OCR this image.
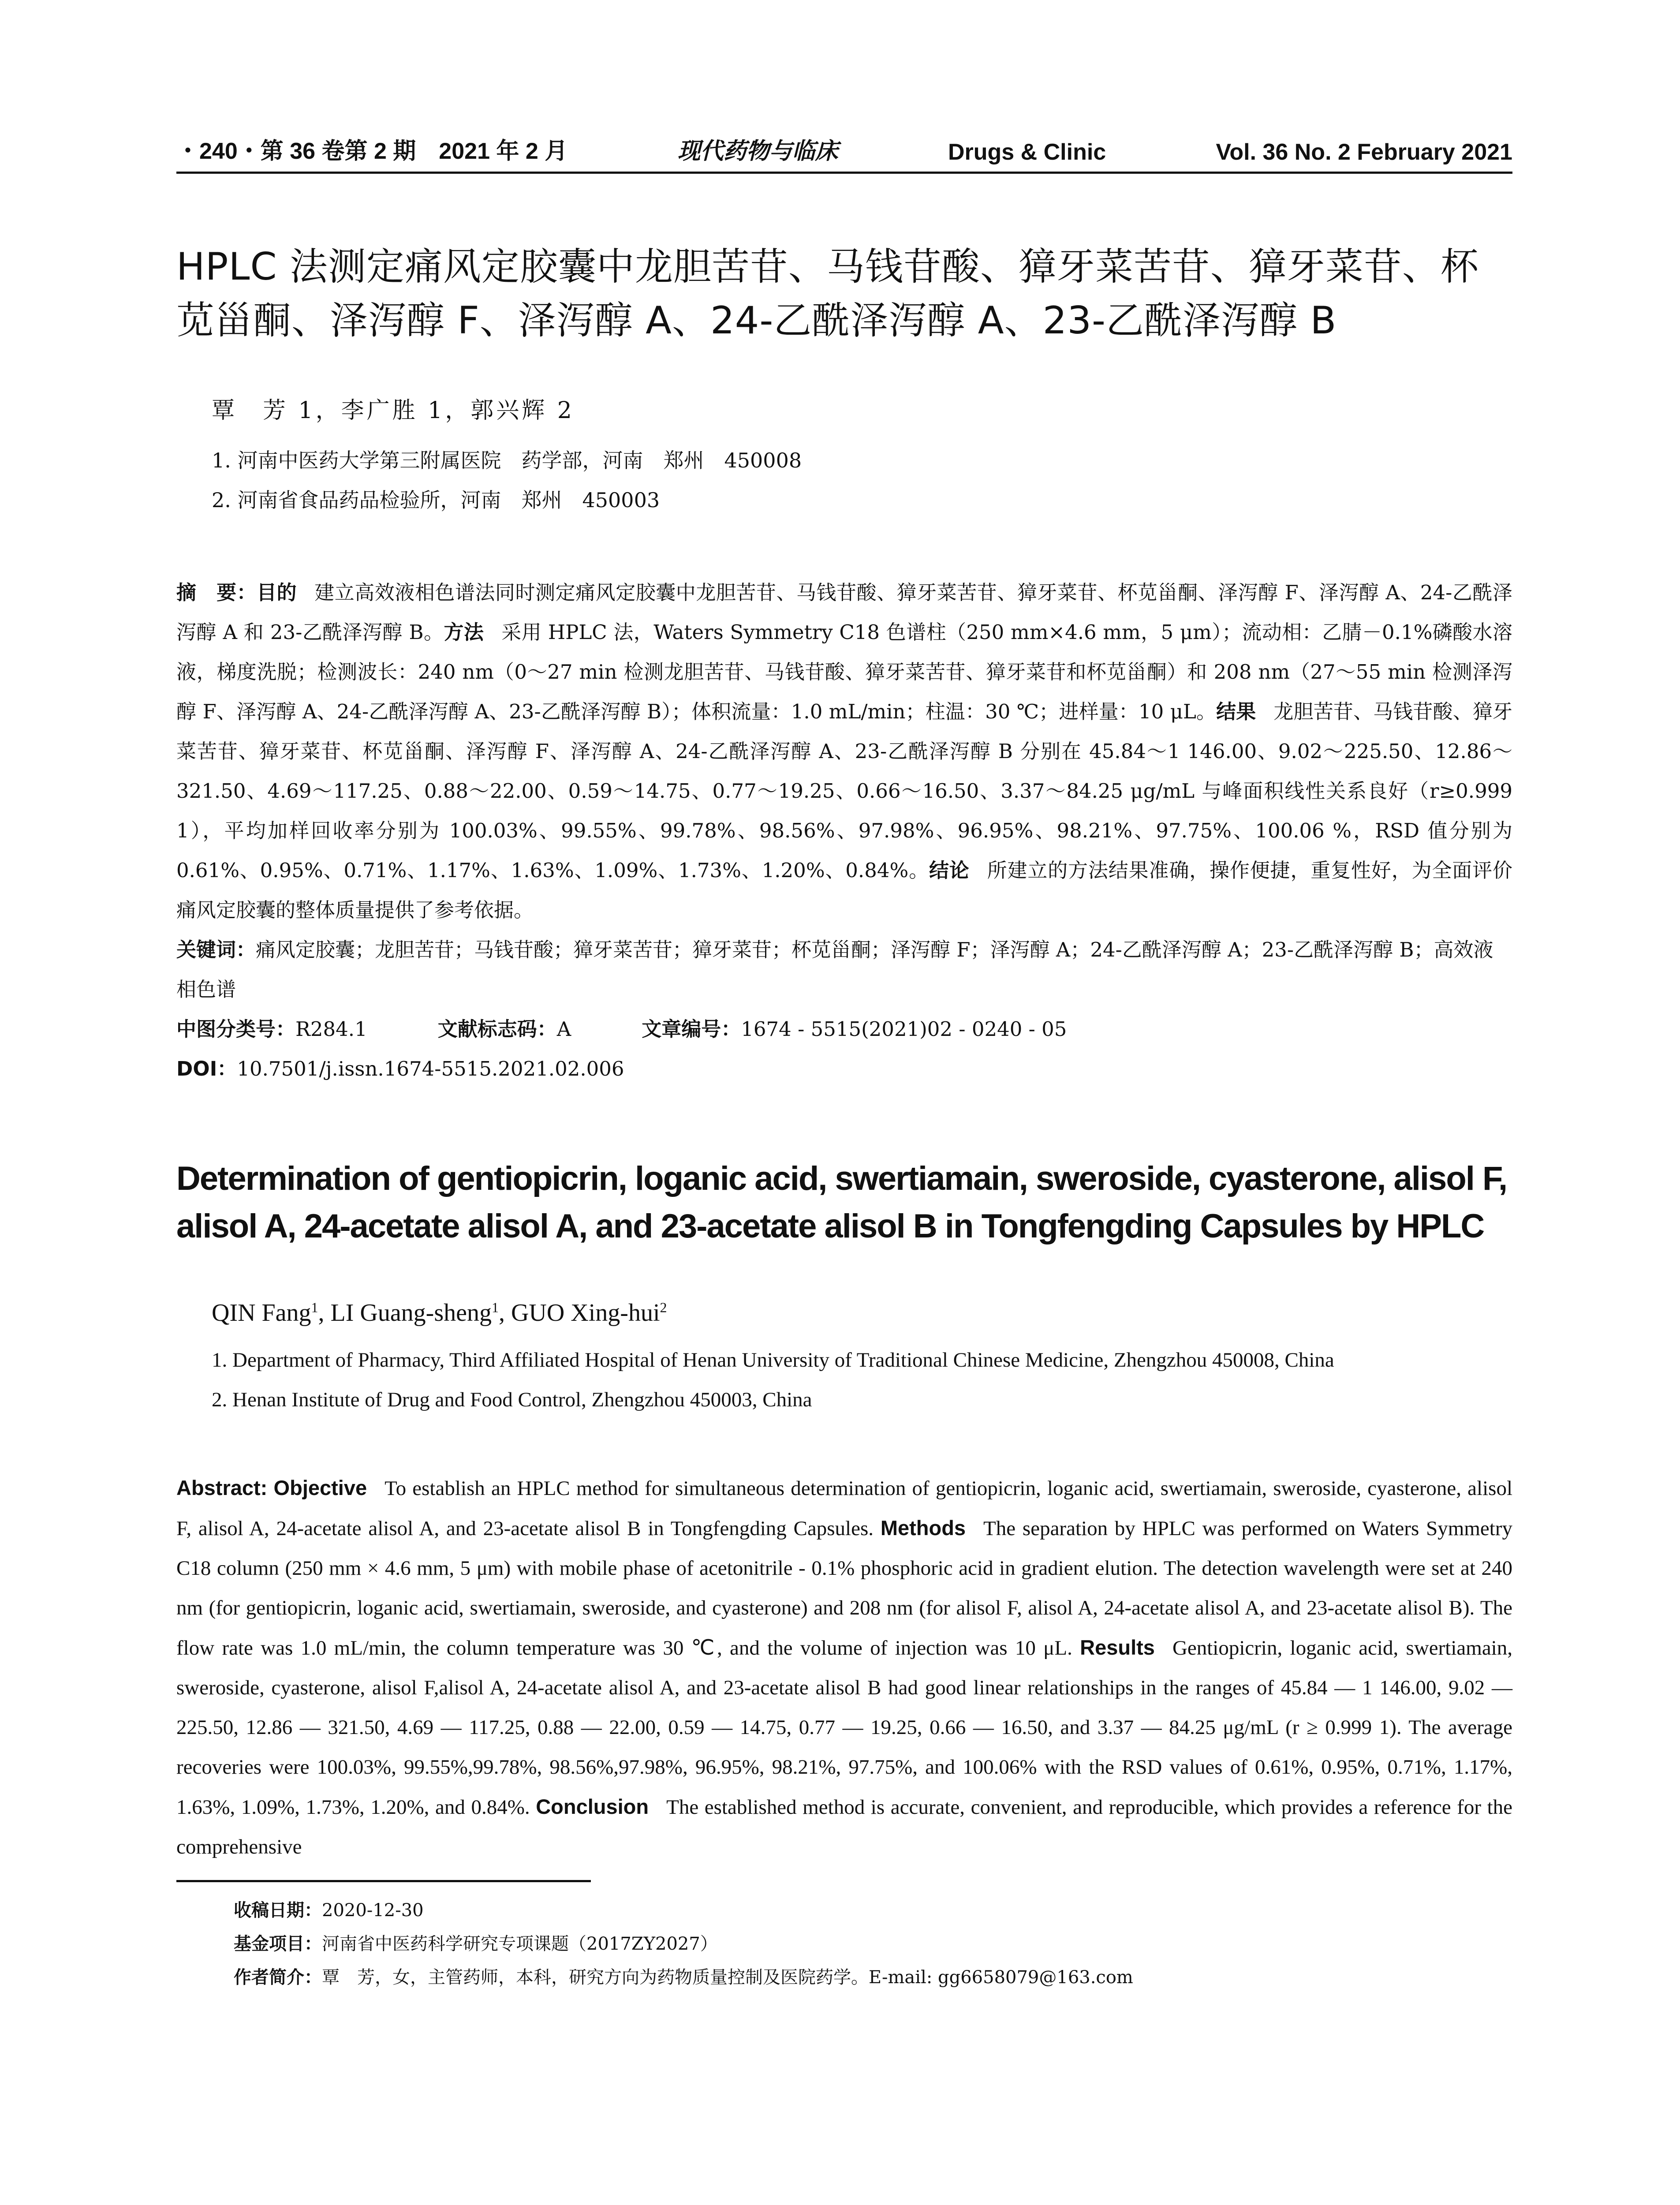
・240・第 36 卷第 2 期　2021 年 2 月	现代药物与临床	Drugs & Clinic	Vol. 36 No. 2 February 2021
HPLC 法测定痛风定胶囊中龙胆苦苷、马钱苷酸、獐牙菜苦苷、獐牙菜苷、杯苋甾酮、泽泻醇 F、泽泻醇 A、24-乙酰泽泻醇 A、23-乙酰泽泻醇 B
覃　芳 1，李广胜 1，郭兴辉 2
1. 河南中医药大学第三附属医院　药学部，河南　郑州　450008
2. 河南省食品药品检验所，河南　郑州　450003
摘　要：目的 建立高效液相色谱法同时测定痛风定胶囊中龙胆苦苷、马钱苷酸、獐牙菜苦苷、獐牙菜苷、杯苋甾酮、泽泻醇 F、泽泻醇 A、24-乙酰泽泻醇 A 和 23-乙酰泽泻醇 B。方法 采用 HPLC 法，Waters Symmetry C18 色谱柱（250 mm×4.6 mm，5 μm）；流动相：乙腈－0.1%磷酸水溶液，梯度洗脱；检测波长：240 nm（0～27 min 检测龙胆苦苷、马钱苷酸、獐牙菜苦苷、獐牙菜苷和杯苋甾酮）和 208 nm（27～55 min 检测泽泻醇 F、泽泻醇 A、24-乙酰泽泻醇 A、23-乙酰泽泻醇 B）；体积流量：1.0 mL/min；柱温：30 ℃；进样量：10 μL。结果 龙胆苦苷、马钱苷酸、獐牙菜苦苷、獐牙菜苷、杯苋甾酮、泽泻醇 F、泽泻醇 A、24-乙酰泽泻醇 A、23-乙酰泽泻醇 B 分别在 45.84～1 146.00、9.02～225.50、12.86～321.50、4.69～117.25、0.88～22.00、0.59～14.75、0.77～19.25、0.66～16.50、3.37～84.25 μg/mL 与峰面积线性关系良好（r≥0.999 1），平均加样回收率分别为 100.03%、99.55%、99.78%、98.56%、97.98%、96.95%、98.21%、97.75%、100.06 %，RSD 值分别为 0.61%、0.95%、0.71%、1.17%、1.63%、1.09%、1.73%、1.20%、0.84%。结论 所建立的方法结果准确，操作便捷，重复性好，为全面评价痛风定胶囊的整体质量提供了参考依据。
关键词：痛风定胶囊；龙胆苦苷；马钱苷酸；獐牙菜苦苷；獐牙菜苷；杯苋甾酮；泽泻醇 F；泽泻醇 A；24-乙酰泽泻醇 A；23-乙酰泽泻醇 B；高效液相色谱
中图分类号：R284.1	文献标志码：A	文章编号：1674 - 5515(2021)02 - 0240 - 05
DOI：10.7501/j.issn.1674-5515.2021.02.006
Determination of gentiopicrin, loganic acid, swertiamain, sweroside, cyasterone, alisol F, alisol A, 24-acetate alisol A, and 23-acetate alisol B in Tongfengding Capsules by HPLC
QIN Fang$^1$, LI Guang-sheng$^1$, GUO Xing-hui$^2$
1. Department of Pharmacy, Third Affiliated Hospital of Henan University of Traditional Chinese Medicine, Zhengzhou 450008, China
2. Henan Institute of Drug and Food Control, Zhengzhou 450003, China
Abstract: Objective To establish an HPLC method for simultaneous determination of gentiopicrin, loganic acid, swertiamain, sweroside, cyasterone, alisol F, alisol A, 24-acetate alisol A, and 23-acetate alisol B in Tongfengding Capsules. Methods The separation by HPLC was performed on Waters Symmetry C18 column (250 mm × 4.6 mm, 5 μm) with mobile phase of acetonitrile - 0.1% phosphoric acid in gradient elution. The detection wavelength were set at 240 nm (for gentiopicrin, loganic acid, swertiamain, sweroside, and cyasterone) and 208 nm (for alisol F, alisol A, 24-acetate alisol A, and 23-acetate alisol B). The flow rate was 1.0 mL/min, the column temperature was 30 ℃, and the volume of injection was 10 μL. Results Gentiopicrin, loganic acid, swertiamain, sweroside, cyasterone, alisol F,alisol A, 24-acetate alisol A, and 23-acetate alisol B had good linear relationships in the ranges of 45.84 — 1 146.00, 9.02 — 225.50, 12.86 — 321.50, 4.69 — 117.25, 0.88 — 22.00, 0.59 — 14.75, 0.77 — 19.25, 0.66 — 16.50, and 3.37 — 84.25 μg/mL (r ≥ 0.999 1). The average recoveries were 100.03%, 99.55%,99.78%, 98.56%,97.98%, 96.95%, 98.21%, 97.75%, and 100.06% with the RSD values of 0.61%, 0.95%, 0.71%, 1.17%, 1.63%, 1.09%, 1.73%, 1.20%, and 0.84%. Conclusion The established method is accurate, convenient, and reproducible, which provides a reference for the comprehensive
收稿日期：2020-12-30
基金项目：河南省中医药科学研究专项课题（2017ZY2027）
作者简介：覃　芳，女，主管药师，本科，研究方向为药物质量控制及医院药学。E-mail: gg6658079@163.com
